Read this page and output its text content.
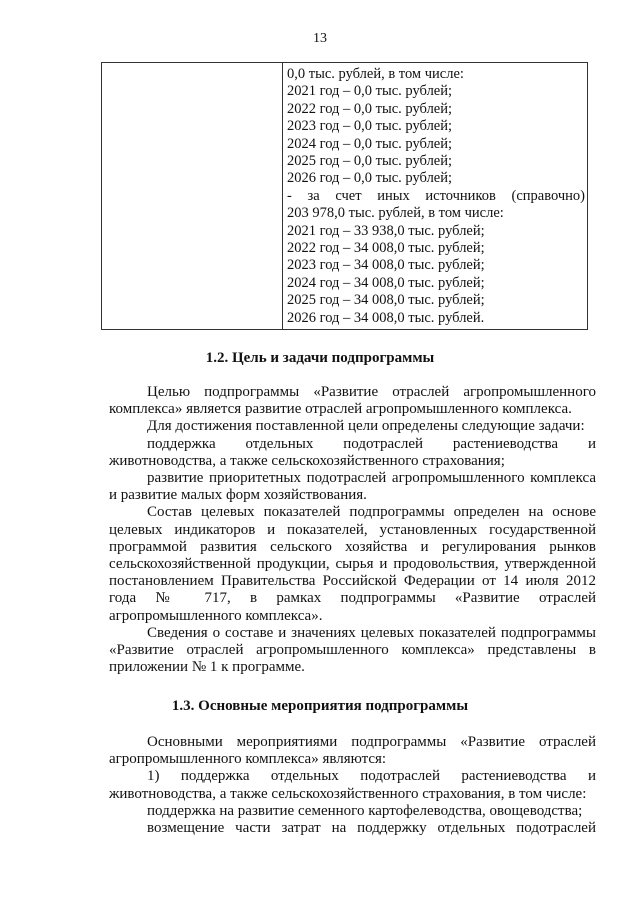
13
0,0 тыс. рублей, в том числе:
2021 год – 0,0 тыс. рублей;
2022 год – 0,0 тыс. рублей;
2023 год – 0,0 тыс. рублей;
2024 год – 0,0 тыс. рублей;
2025 год – 0,0 тыс. рублей;
2026 год – 0,0 тыс. рублей;
- за счет иных источников (справочно)
203 978,0 тыс. рублей, в том числе:
2021 год – 33 938,0 тыс. рублей;
2022 год – 34 008,0 тыс. рублей;
2023 год – 34 008,0 тыс. рублей;
2024 год – 34 008,0 тыс. рублей;
2025 год – 34 008,0 тыс. рублей;
2026 год – 34 008,0 тыс. рублей.
1.2. Цель и задачи подпрограммы
Целью подпрограммы «Развитие отраслей агропромышленного комплекса» является развитие отраслей агропромышленного комплекса.
Для достижения поставленной цели определены следующие задачи:
поддержка отдельных подотраслей растениеводства и животноводства, а также сельскохозяйственного страхования;
развитие приоритетных подотраслей агропромышленного комплекса и развитие малых форм хозяйствования.
Состав целевых показателей подпрограммы определен на основе целевых индикаторов и показателей, установленных государственной программой развития сельского хозяйства и регулирования рынков сельскохозяйственной продукции, сырья и продовольствия, утвержденной постановлением Правительства Российской Федерации от 14 июля 2012 года № 717, в рамках подпрограммы «Развитие отраслей агропромышленного комплекса».
Сведения о составе и значениях целевых показателей подпрограммы «Развитие отраслей агропромышленного комплекса» представлены в приложении № 1 к программе.
1.3. Основные мероприятия подпрограммы
Основными мероприятиями подпрограммы «Развитие отраслей агропромышленного комплекса» являются:
1) поддержка отдельных подотраслей растениеводства и животноводства, а также сельскохозяйственного страхования, в том числе:
поддержка на развитие семенного картофелеводства, овощеводства;
возмещение части затрат на поддержку отдельных подотраслей
